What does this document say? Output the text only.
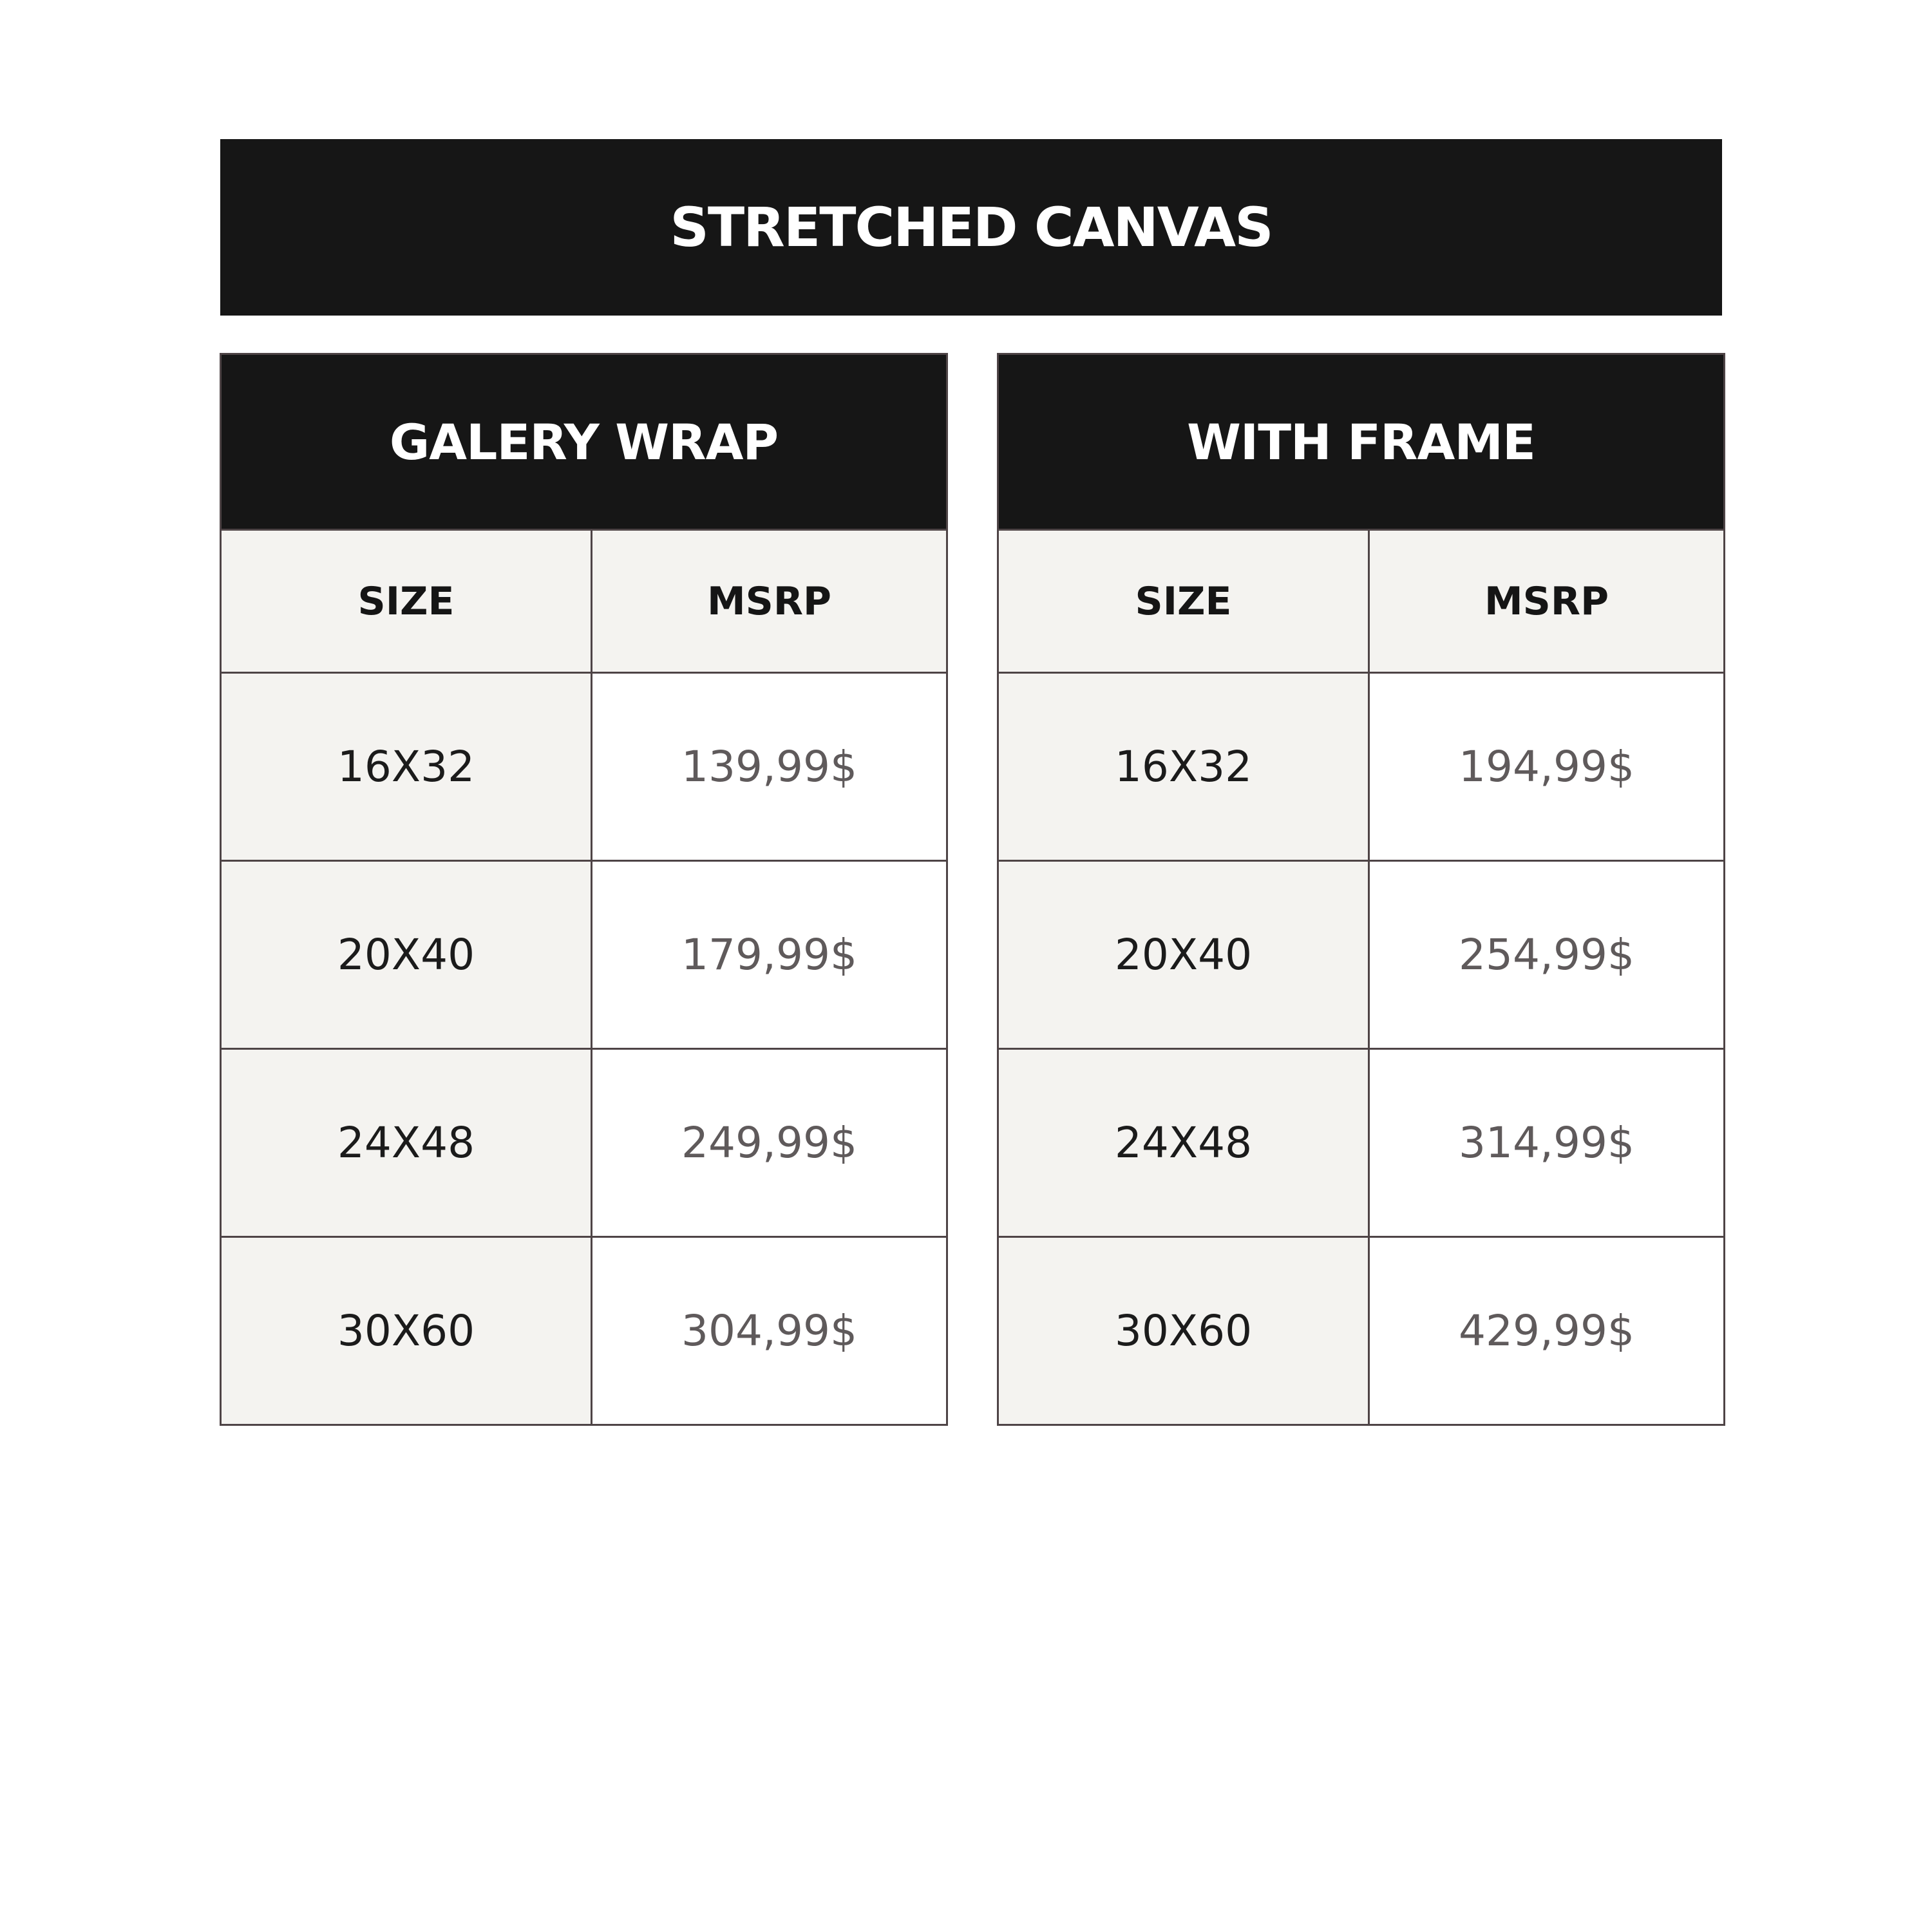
STRETCHED CANVAS
GALERY WRAP	
SIZE	MSRP
16X32	139,99$
20X40	179,99$
24X48	249,99$
30X60	304,99$
WITH FRAME	
SIZE	MSRP
16X32	194,99$
20X40	254,99$
24X48	314,99$
30X60	429,99$
